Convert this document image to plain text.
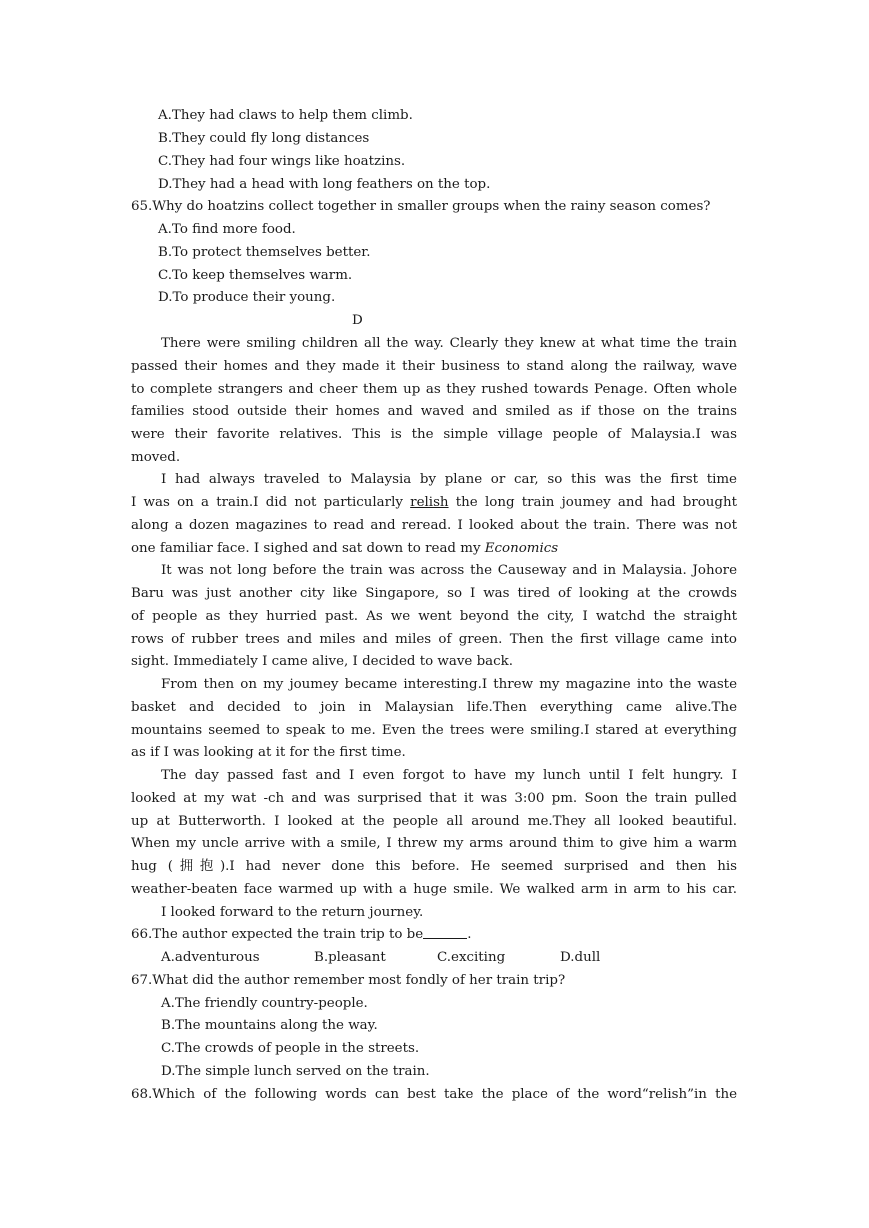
A.They had claws to help them climb.
B.They could fly long distances
C.They had four wings like hoatzins.
D.They had a head with long feathers on the top.
65.Why do hoatzins collect together in smaller groups when the rainy season comes?
A.To find more food.
B.To protect themselves better.
C.To keep themselves warm.
D.To produce their young.
D
There were smiling children all the way. Clearly they knew at what time the train
passed their homes and they made it their business to stand along the railway, wave
to complete strangers and cheer them up as they rushed towards Penage. Often whole
families stood outside their homes and waved and smiled as if those on the trains
were their favorite relatives. This is the simple village people of Malaysia.I was
moved.
I had always traveled to Malaysia by plane or car, so this was the first time
I was on a train.I did not particularly relish the long train joumey and had brought
along a dozen magazines to read and reread. I looked about the train. There was not
one familiar face. I sighed and sat down to read my Economics
It was not long before the train was across the Causeway and in Malaysia. Johore
Baru was just another city like Singapore, so I was tired of looking at the crowds
of people as they hurried past. As we went beyond the city, I watchd the straight
rows of rubber trees and miles and miles of green. Then the first village came into
sight. Immediately I came alive, I decided to wave back.
From then on my joumey became interesting.I threw my magazine into the waste
basket and decided to join in Malaysian life.Then everything came alive.The
mountains seemed to speak to me. Even the trees were smiling.I stared at everything
as if I was looking at it for the first time.
The day passed fast and I even forgot to have my lunch until I felt hungry. I
looked at my wat -ch and was surprised that it was 3:00 pm. Soon the train pulled
up at Butterworth. I looked at the people all around me.They all looked beautiful.
When my uncle arrive with a smile, I threw my arms around thim to give him a warm
hug (拥抱).I had never done this before. He seemed surprised and then his
weather-beaten face warmed up with a huge smile. We walked arm in arm to his car.
I looked forward to the return journey.
66.The author expected the train trip to be	.
A.adventurous	B.pleasant	C.exciting	D.dull
67.What did the author remember most fondly of her train trip?
A.The friendly country-people.
B.The mountains along the way.
C.The crowds of people in the streets.
D.The simple lunch served on the train.
68.Which of the following words can best take the place of the word“relish”in the
